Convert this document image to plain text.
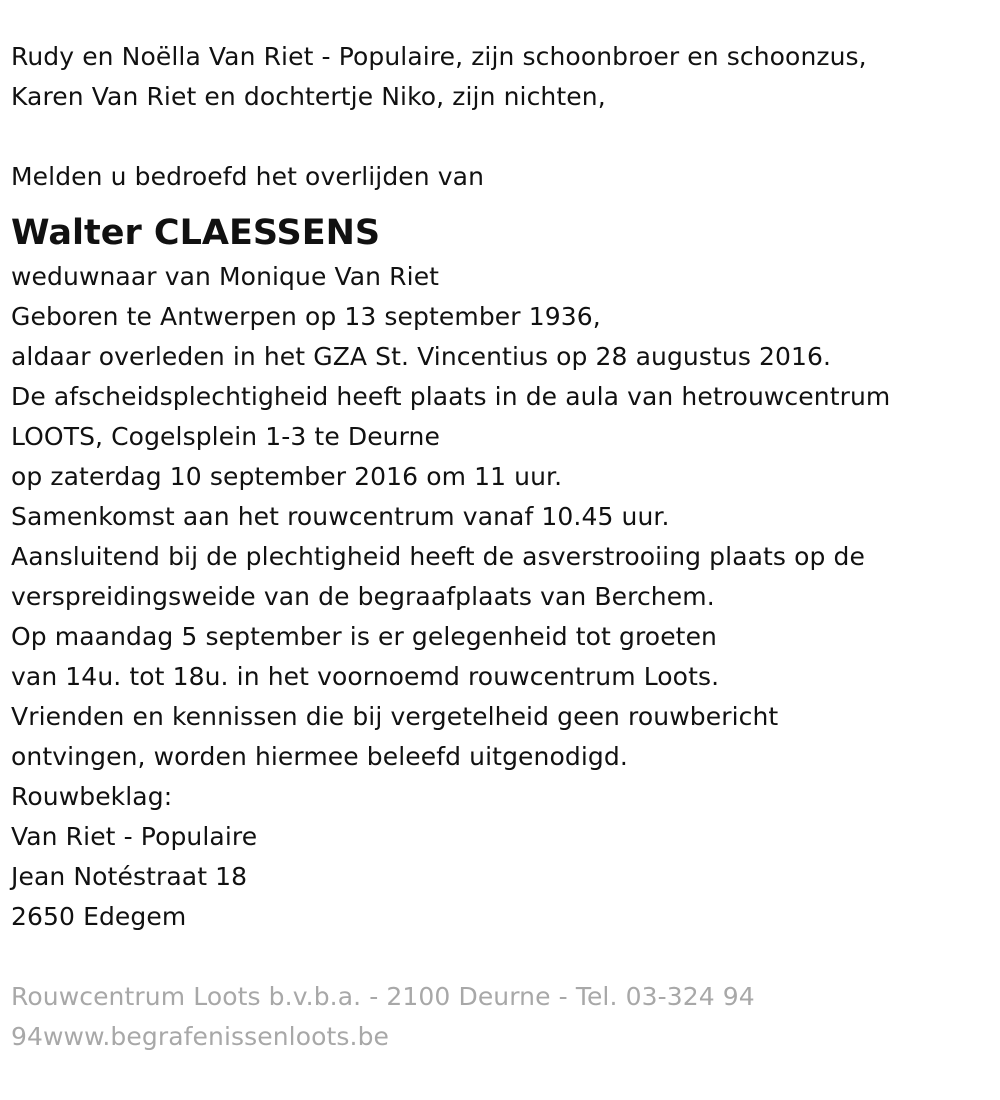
Rudy en Noëlla Van Riet - Populaire, zijn schoonbroer en schoonzus,
Karen Van Riet en dochtertje Niko, zijn nichten,
Melden u bedroefd het overlijden van
Walter CLAESSENS
weduwnaar van Monique Van Riet
Geboren te Antwerpen op 13 september 1936,
aldaar overleden in het GZA St. Vincentius op 28 augustus 2016.
De afscheidsplechtigheid heeft plaats in de aula van hetrouwcentrum
LOOTS, Cogelsplein 1-3 te Deurne
op zaterdag 10 september 2016 om 11 uur.
Samenkomst aan het rouwcentrum vanaf 10.45 uur.
Aansluitend bij de plechtigheid heeft de asverstrooiing plaats op de
verspreidingsweide van de begraafplaats van Berchem.
Op maandag 5 september is er gelegenheid tot groeten
van 14u. tot 18u. in het voornoemd rouwcentrum Loots.
Vrienden en kennissen die bij vergetelheid geen rouwbericht
ontvingen, worden hiermee beleefd uitgenodigd.
Rouwbeklag:
Van Riet - Populaire
Jean Notéstraat 18
2650 Edegem
Rouwcentrum Loots b.v.b.a. - 2100 Deurne - Tel. 03-324 94
94www.begrafenissenloots.be
